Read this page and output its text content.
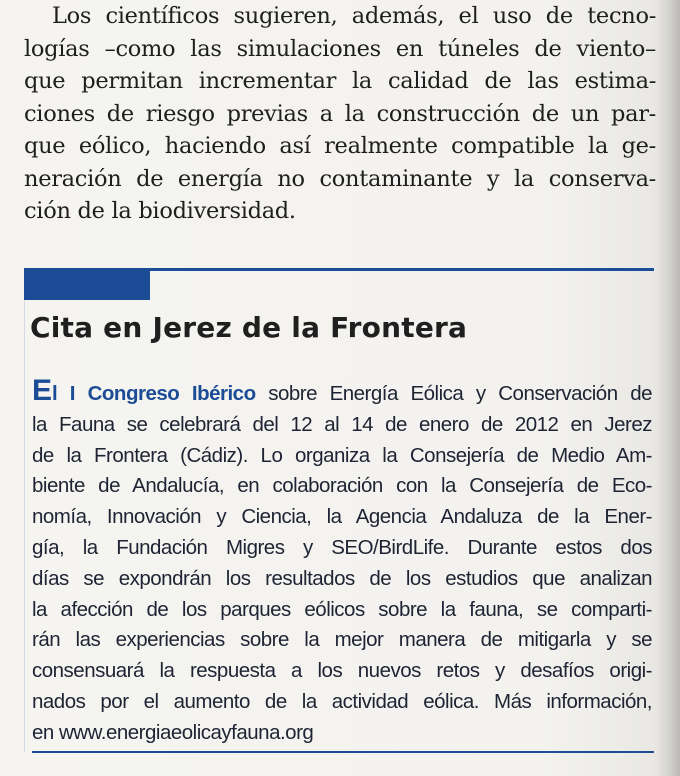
Los científicos sugieren, además, el uso de tecno-
logías –como las simulaciones en túneles de viento–
que permitan incrementar la calidad de las estima-
ciones de riesgo previas a la construcción de un par-
que eólico, haciendo así realmente compatible la ge-
neración de energía no contaminante y la conserva-
ción de la biodiversidad.
Cita en Jerez de la Frontera
El I Congreso Ibérico sobre Energía Eólica y Conservación de
la Fauna se celebrará del 12 al 14 de enero de 2012 en Jerez
de la Frontera (Cádiz). Lo organiza la Consejería de Medio Am-
biente de Andalucía, en colaboración con la Consejería de Eco-
nomía, Innovación y Ciencia, la Agencia Andaluza de la Ener-
gía, la Fundación Migres y SEO/BirdLife. Durante estos dos
días se expondrán los resultados de los estudios que analizan
la afección de los parques eólicos sobre la fauna, se comparti-
rán las experiencias sobre la mejor manera de mitigarla y se
consensuará la respuesta a los nuevos retos y desafíos origi-
nados por el aumento de la actividad eólica. Más información,
en www.energiaeolicayfauna.org
